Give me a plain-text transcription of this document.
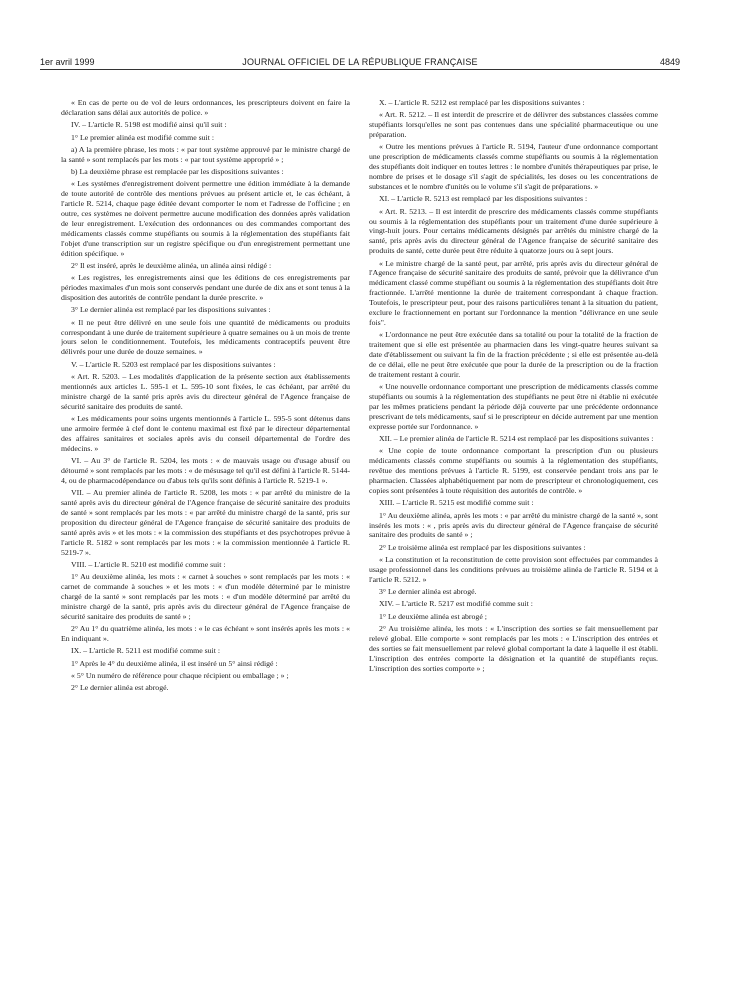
1er avril 1999	JOURNAL OFFICIEL DE LA RÉPUBLIQUE FRANÇAISE	4849

« En cas de perte ou de vol de leurs ordonnances, les prescripteurs doivent en faire la déclaration sans délai aux autorités de police. »

IV. – L'article R. 5198 est modifié ainsi qu'il suit :

1° Le premier alinéa est modifié comme suit :

a) A la première phrase, les mots : « par tout système approuvé par le ministre chargé de la santé » sont remplacés par les mots : « par tout système approprié » ;

b) La deuxième phrase est remplacée par les dispositions suivantes :

« Les systèmes d'enregistrement doivent permettre une édition immédiate à la demande de toute autorité de contrôle des mentions prévues au présent article et, le cas échéant, à l'article R. 5214, chaque page éditée devant comporter le nom et l'adresse de l'officine ; en outre, ces systèmes ne doivent permettre aucune modification des données après validation de leur enregistrement. L'exécution des ordonnances ou des commandes comportant des médicaments classés comme stupéfiants ou soumis à la réglementation des stupéfiants fait l'objet d'une transcription sur un registre spécifique ou d'un enregistrement permettant une édition spécifique. »

2° Il est inséré, après le deuxième alinéa, un alinéa ainsi rédigé :

« Les registres, les enregistrements ainsi que les éditions de ces enregistrements par périodes maximales d'un mois sont conservés pendant une durée de dix ans et sont tenus à la disposition des autorités de contrôle pendant la durée prescrite. »

3° Le dernier alinéa est remplacé par les dispositions suivantes :

« Il ne peut être délivré en une seule fois une quantité de médicaments ou produits correspondant à une durée de traitement supérieure à quatre semaines ou à un mois de trente jours selon le conditionnement. Toutefois, les médicaments contraceptifs peuvent être délivrés pour une durée de douze semaines. »

V. – L'article R. 5203 est remplacé par les dispositions suivantes :

« Art. R. 5203. – Les modalités d'application de la présente section aux établissements mentionnés aux articles L. 595-1 et L. 595-10 sont fixées, le cas échéant, par arrêté du ministre chargé de la santé pris après avis du directeur général de l'Agence française de sécurité sanitaire des produits de santé.

« Les médicaments pour soins urgents mentionnés à l'article L. 595-5 sont détenus dans une armoire fermée à clef dont le contenu maximal est fixé par le directeur départemental des affaires sanitaires et sociales après avis du conseil départemental de l'ordre des médecins. »

VI. – Au 3° de l'article R. 5204, les mots : « de mauvais usage ou d'usage abusif ou détourné » sont remplacés par les mots : « de mésusage tel qu'il est défini à l'article R. 5144-4, ou de pharmacodépendance ou d'abus tels qu'ils sont définis à l'article R. 5219-1 ».

VII. – Au premier alinéa de l'article R. 5208, les mots : « par arrêté du ministre de la santé après avis du directeur général de l'Agence française de sécurité sanitaire des produits de santé » sont remplacés par les mots : « par arrêté du ministre chargé de la santé, pris sur proposition du directeur général de l'Agence française de sécurité sanitaire des produits de santé après avis » et les mots : « la commission des stupéfiants et des psychotropes prévue à l'article R. 5182 » sont remplacés par les mots : « la commission mentionnée à l'article R. 5219-7 ».

VIII. – L'article R. 5210 est modifié comme suit :

1° Au deuxième alinéa, les mots : « carnet à souches » sont remplacés par les mots : « carnet de commande à souches » et les mots : « d'un modèle déterminé par le ministre chargé de la santé » sont remplacés par les mots : « d'un modèle déterminé par arrêté du ministre chargé de la santé, pris après avis du directeur général de l'Agence française de sécurité sanitaire des produits de santé » ;

2° Au 1° du quatrième alinéa, les mots : « le cas échéant » sont insérés après les mots : « En indiquant ».

IX. – L'article R. 5211 est modifié comme suit :

1° Après le 4° du deuxième alinéa, il est inséré un 5° ainsi rédigé :

« 5° Un numéro de référence pour chaque récipient ou emballage ; » ;

2° Le dernier alinéa est abrogé.

X. – L'article R. 5212 est remplacé par les dispositions suivantes :

« Art. R. 5212. – Il est interdit de prescrire et de délivrer des substances classées comme stupéfiants lorsqu'elles ne sont pas contenues dans une spécialité pharmaceutique ou une préparation.

« Outre les mentions prévues à l'article R. 5194, l'auteur d'une ordonnance comportant une prescription de médicaments classés comme stupéfiants ou soumis à la réglementation des stupéfiants doit indiquer en toutes lettres : le nombre d'unités thérapeutiques par prise, le nombre de prises et le dosage s'il s'agit de spécialités, les doses ou les concentrations de substances et le nombre d'unités ou le volume s'il s'agit de préparations. »

XI. – L'article R. 5213 est remplacé par les dispositions suivantes :

« Art. R. 5213. – Il est interdit de prescrire des médicaments classés comme stupéfiants ou soumis à la réglementation des stupéfiants pour un traitement d'une durée supérieure à vingt-huit jours. Pour certains médicaments désignés par arrêtés du ministre chargé de la santé, pris après avis du directeur général de l'Agence française de sécurité sanitaire des produits de santé, cette durée peut être réduite à quatorze jours ou à sept jours.

« Le ministre chargé de la santé peut, par arrêté, pris après avis du directeur général de l'Agence française de sécurité sanitaire des produits de santé, prévoir que la délivrance d'un médicament classé comme stupéfiant ou soumis à la réglementation des stupéfiants doit être fractionnée. L'arrêté mentionne la durée de traitement correspondant à chaque fraction. Toutefois, le prescripteur peut, pour des raisons particulières tenant à la situation du patient, exclure le fractionnement en portant sur l'ordonnance la mention "délivrance en une seule fois".

« L'ordonnance ne peut être exécutée dans sa totalité ou pour la totalité de la fraction de traitement que si elle est présentée au pharmacien dans les vingt-quatre heures suivant sa date d'établissement ou suivant la fin de la fraction précédente ; si elle est présentée au-delà de ce délai, elle ne peut être exécutée que pour la durée de la prescription ou de la fraction de traitement restant à courir.

« Une nouvelle ordonnance comportant une prescription de médicaments classés comme stupéfiants ou soumis à la réglementation des stupéfiants ne peut être ni établie ni exécutée par les mêmes praticiens pendant la période déjà couverte par une précédente ordonnance prescrivant de tels médicaments, sauf si le prescripteur en décide autrement par une mention expresse portée sur l'ordonnance. »

XII. – Le premier alinéa de l'article R. 5214 est remplacé par les dispositions suivantes :

« Une copie de toute ordonnance comportant la prescription d'un ou plusieurs médicaments classés comme stupéfiants ou soumis à la réglementation des stupéfiants, revêtue des mentions prévues à l'article R. 5199, est conservée pendant trois ans par le pharmacien. Classées alphabétiquement par nom de prescripteur et chronologiquement, ces copies sont présentées à toute réquisition des autorités de contrôle. »

XIII. – L'article R. 5215 est modifié comme suit :

1° Au deuxième alinéa, après les mots : « par arrêté du ministre chargé de la santé », sont insérés les mots : « , pris après avis du directeur général de l'Agence française de sécurité sanitaire des produits de santé » ;

2° Le troisième alinéa est remplacé par les dispositions suivantes :

« La constitution et la reconstitution de cette provision sont effectuées par commandes à usage professionnel dans les conditions prévues au troisième alinéa de l'article R. 5194 et à l'article R. 5212. »

3° Le dernier alinéa est abrogé.

XIV. – L'article R. 5217 est modifié comme suit :

1° Le deuxième alinéa est abrogé ;

2° Au troisième alinéa, les mots : « L'inscription des sorties se fait mensuellement par relevé global. Elle comporte » sont remplacés par les mots : « L'inscription des entrées et des sorties se fait mensuellement par relevé global comportant la date à laquelle il est établi. L'inscription des entrées comporte la désignation et la quantité de stupéfiants reçus. L'inscription des sorties comporte » ;
